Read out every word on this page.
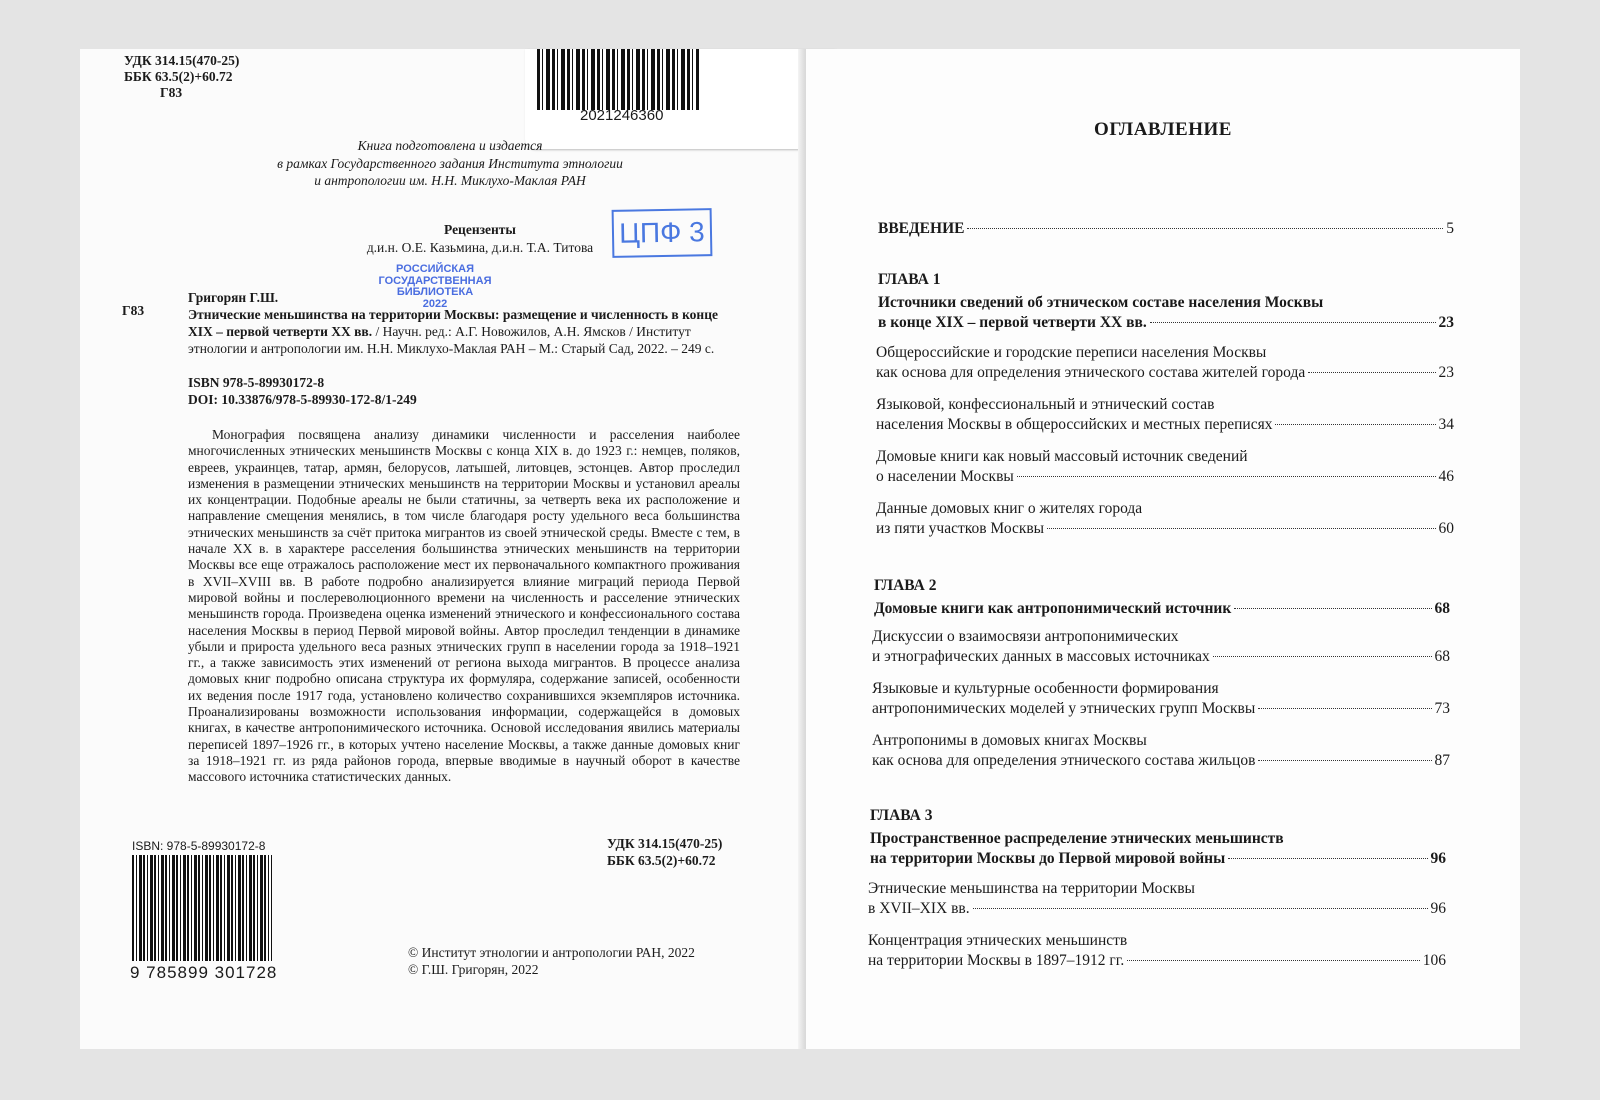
УДК 314.15(470-25)
ББК 63.5(2)+60.72
Г83
2021246360
Книга подготовлена и издается
в рамках Государственного задания Института этнологии
и антропологии им. Н.Н. Миклухо-Маклая РАН
Рецензенты
д.и.н. О.Е. Казьмина, д.и.н. Т.А. Титова ЦПФ 3
РОССИЙСКАЯ
ГОСУДАРСТВЕННАЯ
БИБЛИОТЕКА
2022
Г83
Григорян Г.Ш.
Этнические меньшинства на территории Москвы: размещение и численность в конце XIX – первой четверти XX вв. / Научн. ред.: А.Г. Новожилов, А.Н. Ямсков / Институт этнологии и антропологии им. Н.Н. Миклухо-Маклая РАН – М.: Старый Сад, 2022. – 249 с.
ISBN 978-5-89930172-8
DOI: 10.33876/978-5-89930-172-8/1-249
Монография посвящена анализу динамики численности и расселения наиболее многочисленных этнических меньшинств Москвы с конца XIX в. до 1923 г.: немцев, поляков, евреев, украинцев, татар, армян, белорусов, латышей, литовцев, эстонцев. Автор проследил изменения в размещении этнических меньшинств на территории Москвы и установил ареалы их концентрации. Подобные ареалы не были статичны, за четверть века их расположение и направление смещения менялись, в том числе благодаря росту удельного веса большинства этнических меньшинств за счёт притока мигрантов из своей этнической среды. Вместе с тем, в начале XX в. в характере расселения большинства этнических меньшинств на территории Москвы все еще отражалось расположение мест их первоначального компактного проживания в XVII–XVIII вв. В работе подробно анализируется влияние миграций периода Первой мировой войны и послереволюционного времени на численность и расселение этнических меньшинств города. Произведена оценка изменений этнического и конфессионального состава населения Москвы в период Первой мировой войны. Автор проследил тенденции в динамике убыли и прироста удельного веса разных этнических групп в населении города за 1918–1921 гг., а также зависимость этих изменений от региона выхода мигрантов. В процессе анализа домовых книг подробно описана структура их формуляра, содержание записей, особенности их ведения после 1917 года, установлено количество сохранившихся экземпляров источника. Проанализированы возможности использования информации, содержащейся в домовых книгах, в качестве антропонимического источника. Основой исследования явились материалы переписей 1897–1926 гг., в которых учтено население Москвы, а также данные домовых книг за 1918–1921 гг. из ряда районов города, впервые вводимые в научный оборот в качестве массового источника статистических данных.
ISBN: 978-5-89930172-8
9 785899 301728
УДК 314.15(470-25)
ББК 63.5(2)+60.72
© Институт этнологии и антропологии РАН, 2022
© Г.Ш. Григорян, 2022
ОГЛАВЛЕНИЕ
ВВЕДЕНИЕ	5
ГЛАВА 1
Источники сведений об этническом составе населения Москвы
в конце XIX – первой четверти XX вв.	23
Общероссийские и городские переписи населения Москвы
как основа для определения этнического состава жителей города	23
Языковой, конфессиональный и этнический состав
населения Москвы в общероссийских и местных переписях	34
Домовые книги как новый массовый источник сведений
о населении Москвы	46
Данные домовых книг о жителях города
из пяти участков Москвы	60
ГЛАВА 2
Домовые книги как антропонимический источник	68
Дискуссии о взаимосвязи антропонимических
и этнографических данных в массовых источниках	68
Языковые и культурные особенности формирования
антропонимических моделей у этнических групп Москвы	73
Антропонимы в домовых книгах Москвы
как основа для определения этнического состава жильцов	87
ГЛАВА 3
Пространственное распределение этнических меньшинств
на территории Москвы до Первой мировой войны	96
Этнические меньшинства на территории Москвы
в XVII–XIX вв.	96
Концентрация этнических меньшинств
на территории Москвы в 1897–1912 гг.	106
